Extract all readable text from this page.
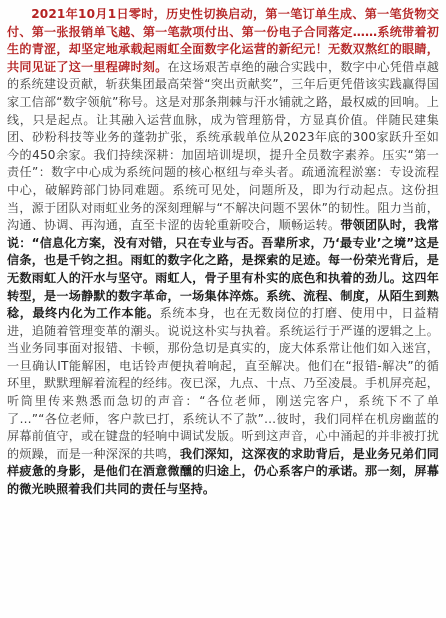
2021年10月1日零时，历史性切换启动，第一笔订单生成、第一笔货物交付、第一张报销单飞越、第一笔款项付出、第一份电子合同落定……系统带着初生的青涩，却坚定地承载起雨虹全面数字化运营的新纪元！无数双熬红的眼睛，共同见证了这一里程碑时刻。在这场艰苦卓绝的融合实践中，数字中心凭借卓越的系统建设贡献，斩获集团最高荣誉“突出贡献奖”，三年后更凭借该实践赢得国家工信部“数字领航”称号。这是对那条荆棘与汗水铺就之路，最权威的回响。上线，只是起点。让其融入运营血脉，成为管理筋骨，方显真价值。伴随民建集团、砂粉科技等业务的蓬勃扩张，系统承载单位从2023年底的300家跃升至如今的450余家。我们持续深耕：加固培训堤坝，提升全员数字素养。压实“第一责任”：数字中心成为系统问题的核心枢纽与牵头者。疏通流程淤塞：专设流程中心，破解跨部门协同难题。系统可见处，问题所及，即为行动起点。这份担当，源于团队对雨虹业务的深刻理解与“不解决问题不罢休”的韧性。阻力当前，沟通、协调、再沟通，直至卡涩的齿轮重新咬合，顺畅运转。带领团队时，我常说：“信息化方案，没有对错，只在专业与否。吾辈所求，乃‘最专业’之境”这是信条，也是千钧之担。雨虹的数字化之路，是探索的足迹。每一份荣光背后，是无数雨虹人的汗水与坚守。雨虹人，骨子里有朴实的底色和执着的劲儿。这四年转型，是一场静默的数字革命，一场集体淬炼。系统、流程、制度，从陌生到熟稔，最终内化为工作本能。系统本身，也在无数岗位的打磨、使用中，日益精进，追随着管理变革的潮头。说说这朴实与执着。系统运行于严谨的逻辑之上。当业务同事面对报错、卡顿，那份急切是真实的，庞大体系常让他们如入迷宫，一旦确认IT能解困，电话铃声便执着响起，直至解决。他们在“报错-解决”的循环里，默默理解着流程的经纬。夜已深，九点、十点、乃至凌晨。手机屏亮起，听筒里传来熟悉而急切的声音：“各位老师，刚送完客户，系统下不了单了…”“各位老师，客户款已打，系统认不了款”…彼时，我们同样在机房幽蓝的屏幕前值守，或在键盘的轻响中调试发版。听到这声音，心中涌起的并非被打扰的烦躁，而是一种深深的共鸣，我们深知，这深夜的求助背后，是业务兄弟们同样疲惫的身影，是他们在酒意微醺的归途上，仍心系客户的承诺。那一刻，屏幕的微光映照着我们共同的责任与坚持。
